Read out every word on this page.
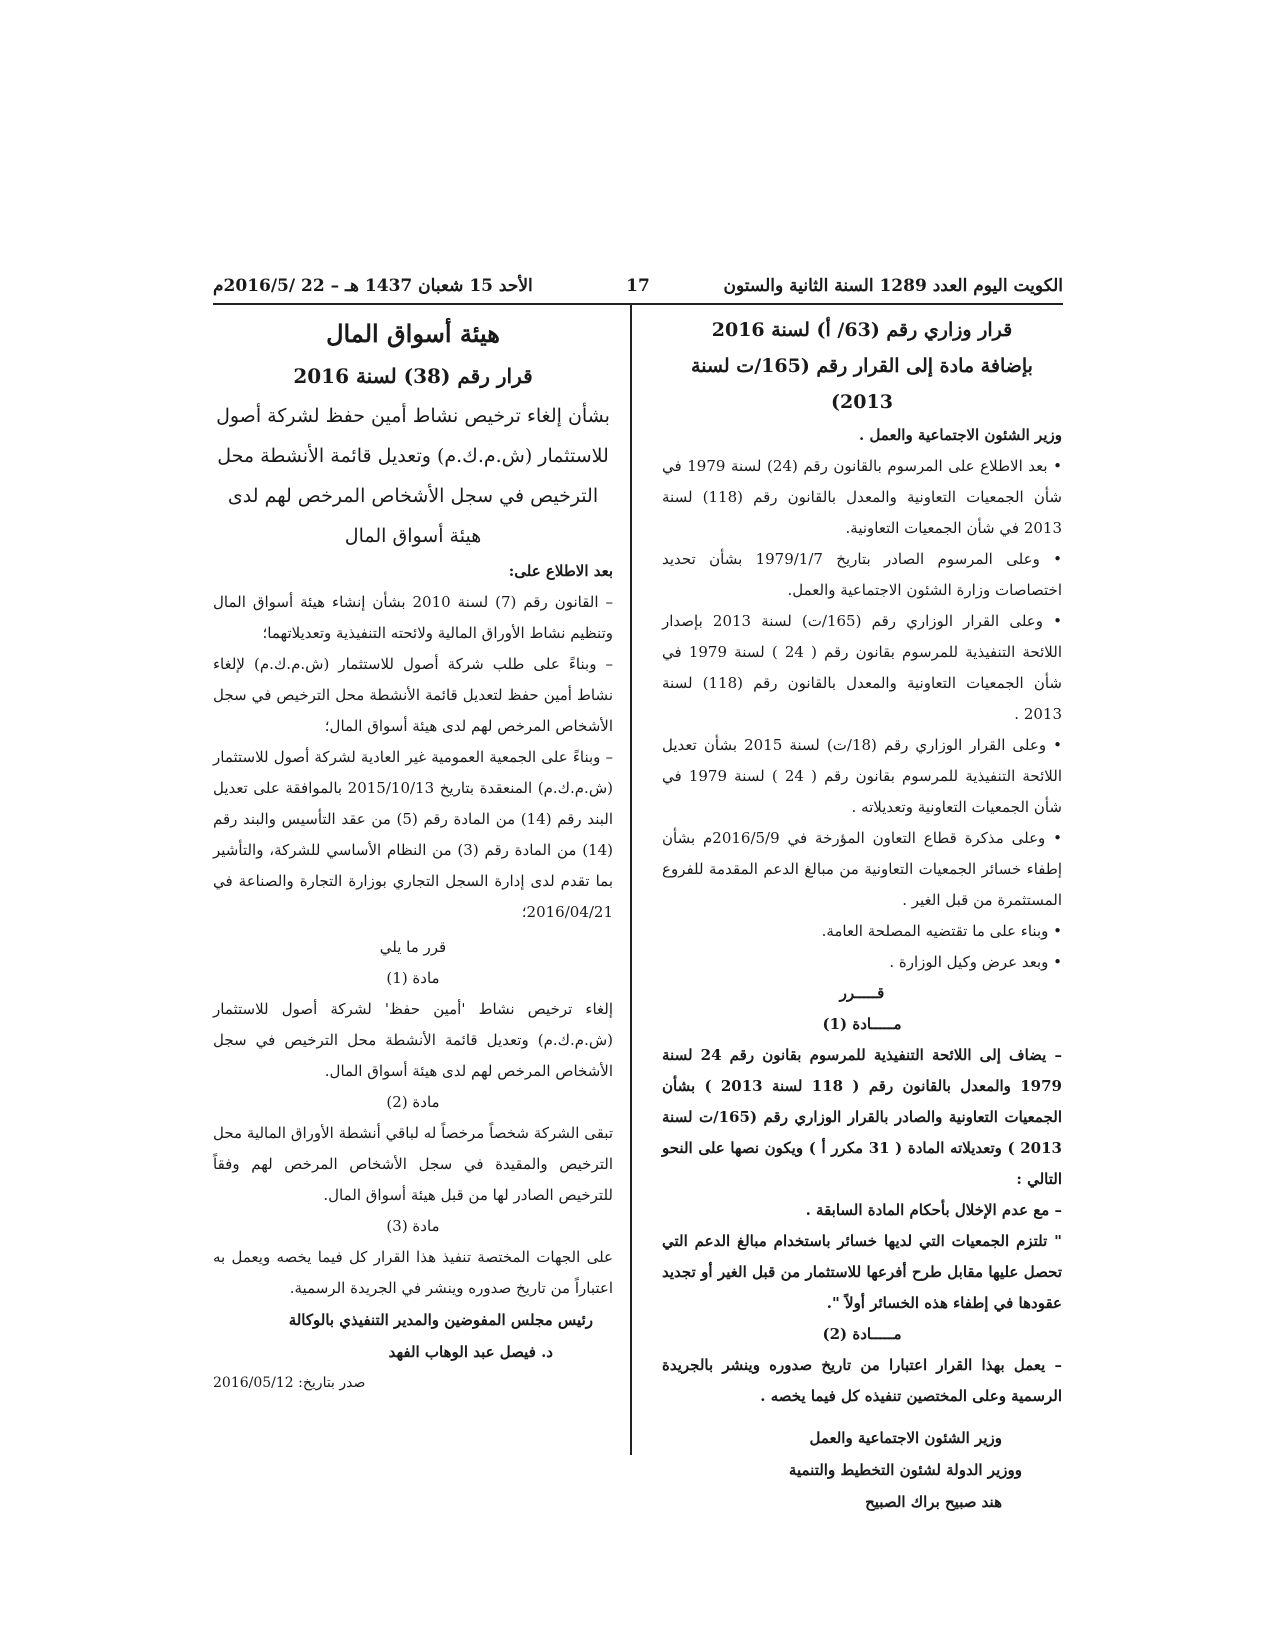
الكويت اليوم العدد 1289 السنة الثانية والستون
17
الأحد 15 شعبان 1437 هـ – 22 /2016/5م

قرار وزاري رقم (63/ أ) لسنة 2016

بإضافة مادة إلى القرار رقم (165/ت لسنة 2013)

وزير الشئون الاجتماعية والعمل .

• بعد الاطلاع على المرسوم بالقانون رقم (24) لسنة 1979 في شأن الجمعيات التعاونية والمعدل بالقانون رقم (118) لسنة 2013 في شأن الجمعيات التعاونية.

• وعلى المرسوم الصادر بتاريخ 1979/1/7 بشأن تحديد اختصاصات وزارة الشئون الاجتماعية والعمل.

• وعلى القرار الوزاري رقم (165/ت) لسنة 2013 بإصدار اللائحة التنفيذية للمرسوم بقانون رقم ( 24 ) لسنة 1979 في شأن الجمعيات التعاونية والمعدل بالقانون رقم (118) لسنة 2013 .

• وعلى القرار الوزاري رقم (18/ت) لسنة 2015 بشأن تعديل اللائحة التنفيذية للمرسوم بقانون رقم ( 24 ) لسنة 1979 في شأن الجمعيات التعاونية وتعديلاته .

• وعلى مذكرة قطاع التعاون المؤرخة في 2016/5/9م بشأن إطفاء خسائر الجمعيات التعاونية من مبالغ الدعم المقدمة للفروع المستثمرة من قبل الغير .

• وبناء على ما تقتضيه المصلحة العامة.

• وبعد عرض وكيل الوزارة .

قـــــرر

مـــــادة (1)

– يضاف إلى اللائحة التنفيذية للمرسوم بقانون رقم 24 لسنة 1979 والمعدل بالقانون رقم ( 118 لسنة 2013 ) بشأن الجمعيات التعاونية والصادر بالقرار الوزاري رقم (165/ت لسنة 2013 ) وتعديلاته المادة ( 31 مكرر أ ) ويكون نصها على النحو التالي :

– مع عدم الإخلال بأحكام المادة السابقة .

" تلتزم الجمعيات التي لديها خسائر باستخدام مبالغ الدعم التي تحصل عليها مقابل طرح أفرعها للاستثمار من قبل الغير أو تجديد عقودها في إطفاء هذه الخسائر أولاً ".

مـــــادة (2)

– يعمل بهذا القرار اعتبارا من تاريخ صدوره وينشر بالجريدة الرسمية وعلى المختصين تنفيذه كل فيما يخصه .

وزير الشئون الاجتماعية والعمل

ووزير الدولة لشئون التخطيط والتنمية

هند صبيح براك الصبيح

هيئة أسواق المال

قرار رقم (38) لسنة 2016

بشأن إلغاء ترخيص نشاط أمين حفظ لشركة أصول للاستثمار (ش.م.ك.م) وتعديل قائمة الأنشطة محل الترخيص في سجل الأشخاص المرخص لهم لدى

هيئة أسواق المال

بعد الاطلاع على:

– القانون رقم (7) لسنة 2010 بشأن إنشاء هيئة أسواق المال وتنظيم نشاط الأوراق المالية ولائحته التنفيذية وتعديلاتهما؛

– وبناءً على طلب شركة أصول للاستثمار (ش.م.ك.م) لإلغاء نشاط أمين حفظ لتعديل قائمة الأنشطة محل الترخيص في سجل الأشخاص المرخص لهم لدى هيئة أسواق المال؛

– وبناءً على الجمعية العمومية غير العادية لشركة أصول للاستثمار (ش.م.ك.م) المنعقدة بتاريخ 2015/10/13 بالموافقة على تعديل البند رقم (14) من المادة رقم (5) من عقد التأسيس والبند رقم (14) من المادة رقم (3) من النظام الأساسي للشركة، والتأشير بما تقدم لدى إدارة السجل التجاري بوزارة التجارة والصناعة في 2016/04/21؛

قرر ما يلي

مادة (1)

إلغاء ترخيص نشاط 'أمين حفظ' لشركة أصول للاستثمار (ش.م.ك.م) وتعديل قائمة الأنشطة محل الترخيص في سجل الأشخاص المرخص لهم لدى هيئة أسواق المال.

مادة (2)

تبقى الشركة شخصاً مرخصاً له لباقي أنشطة الأوراق المالية محل الترخيص والمقيدة في سجل الأشخاص المرخص لهم وفقاً للترخيص الصادر لها من قبل هيئة أسواق المال.

مادة (3)

على الجهات المختصة تنفيذ هذا القرار كل فيما يخصه ويعمل به اعتباراً من تاريخ صدوره وينشر في الجريدة الرسمية.

رئيس مجلس المفوضين والمدير التنفيذي بالوكالة

د. فيصل عبد الوهاب الفهد

صدر بتاريخ: 2016/05/12
